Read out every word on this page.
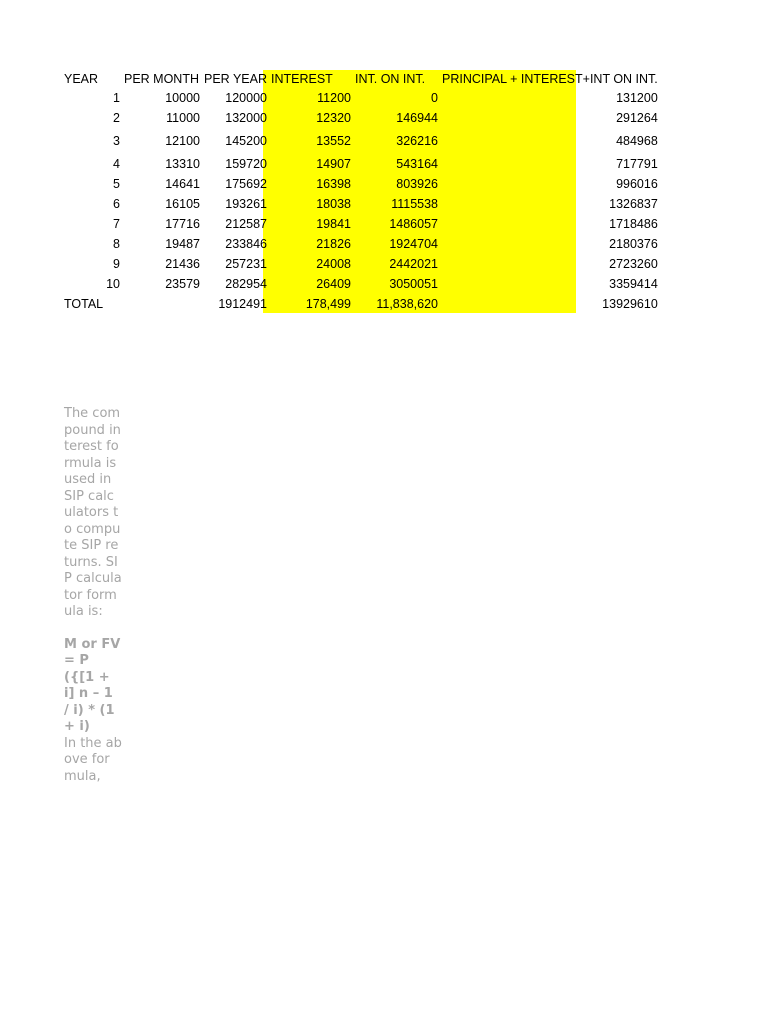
YEAR	PER MONTH	PER YEAR	INTEREST	INT. ON INT.	PRINCIPAL + INTEREST+INT ON INT.
1	10000	120000	11200	0	131200
2	11000	132000	12320	146944	291264
3	12100	145200	13552	326216	484968
4	13310	159720	14907	543164	717791
5	14641	175692	16398	803926	996016
6	16105	193261	18038	1115538	1326837
7	17716	212587	19841	1486057	1718486
8	19487	233846	21826	1924704	2180376
9	21436	257231	24008	2442021	2723260
10	23579	282954	26409	3050051	3359414
TOTAL		1912491	178,499	11,838,620	13929610

The compound interest formula is used in SIP calculators to compute SIP returns. SIP calculator formula is:

M or FV= P ({[1 + i] n – 1 / i) * (1 + i)

In the above formula,
